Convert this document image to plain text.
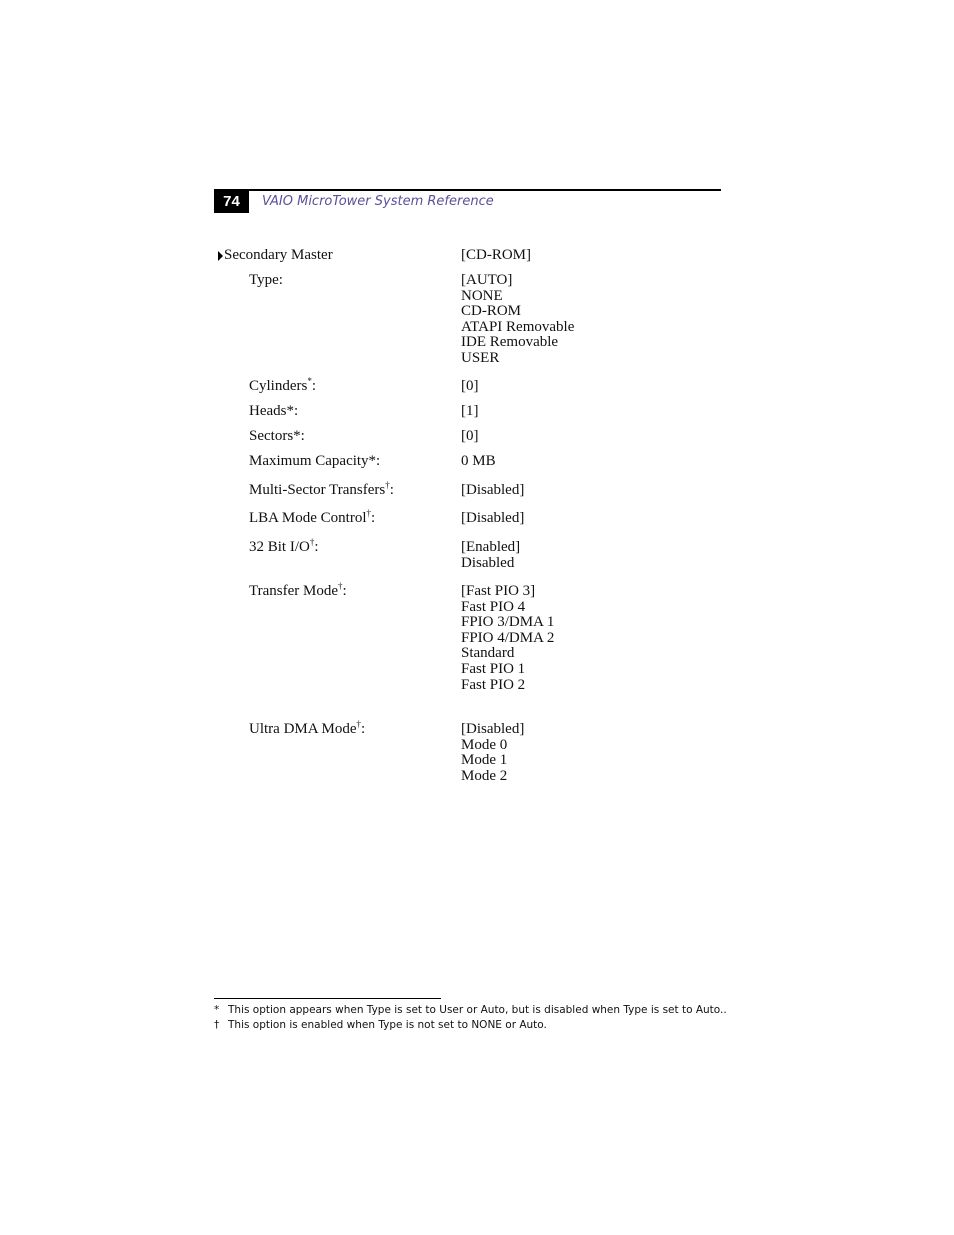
74	VAIO MicroTower System Reference
Secondary Master	[CD-ROM]
Type:	[AUTO]
NONE
CD-ROM
ATAPI Removable
IDE Removable
USER
Cylinders*:	[0]
Heads*:	[1]
Sectors*:	[0]
Maximum Capacity*:	0 MB
Multi-Sector Transfers†:	[Disabled]
LBA Mode Control†:	[Disabled]
32 Bit I/O†:	[Enabled]
Disabled
Transfer Mode†:	[Fast PIO 3]
Fast PIO 4
FPIO 3/DMA 1
FPIO 4/DMA 2
Standard
Fast PIO 1
Fast PIO 2
Ultra DMA Mode†:	[Disabled]
Mode 0
Mode 1
Mode 2
* This option appears when Type is set to User or Auto, but is disabled when Type is set to Auto..
† This option is enabled when Type is not set to NONE or Auto.
